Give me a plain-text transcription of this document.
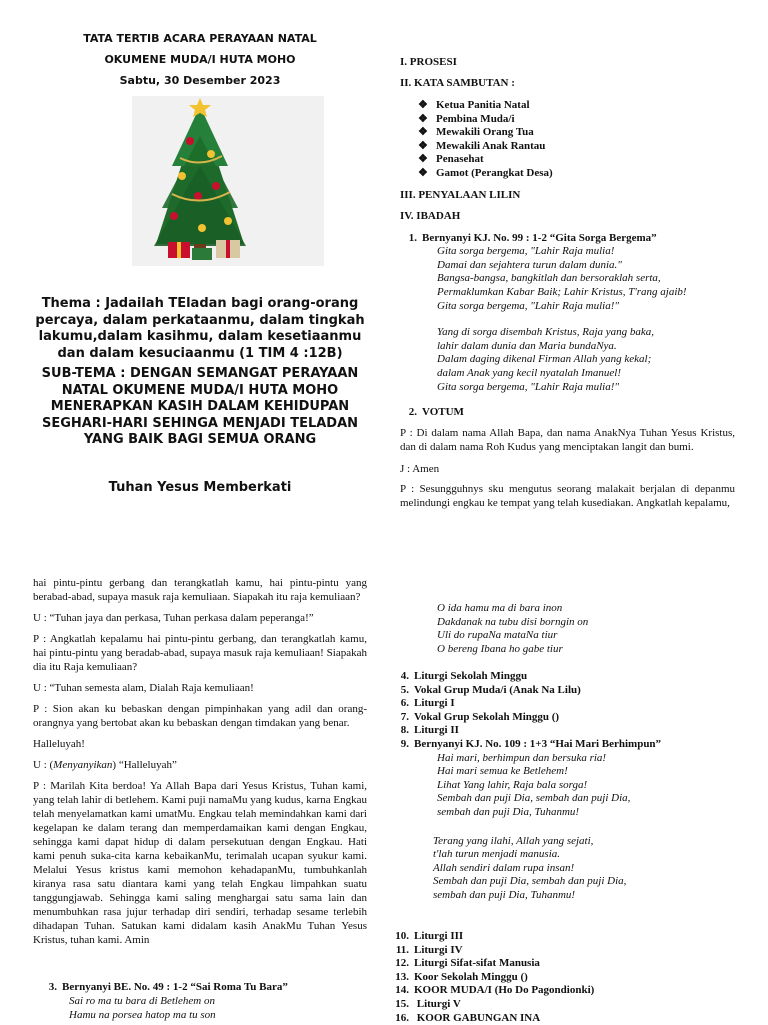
TATA TERTIB ACARA PERAYAAN NATAL
OKUMENE MUDA/I HUTA MOHO
Sabtu, 30 Desember 2023
Thema : Jadailah TEladan bagi orang-orang
percaya, dalam perkataanmu, dalam tingkah
lakumu,dalam kasihmu, dalam kesetiaanmu
dan dalam kesuciaanmu (1 TIM 4 :12B)
SUB-TEMA : DENGAN SEMANGAT PERAYAAN
NATAL OKUMENE MUDA/I HUTA MOHO
MENERAPKAN KASIH DALAM KEHIDUPAN
SEGHARI-HARI SEHINGA MENJADI TELADAN
YANG BAIK BAGI SEMUA ORANG
Tuhan Yesus Memberkati
I. PROSESI
II. KATA SAMBUTAN :
❖ Ketua Panitia Natal
❖ Pembina Muda/i
❖ Mewakili Orang Tua
❖ Mewakili Anak Rantau
❖ Penasehat
❖ Gamot (Perangkat Desa)
III. PENYALAAN LILIN
IV. IBADAH
1. Bernyanyi KJ. No. 99 : 1-2 “Gita Sorga Bergema”
Gita sorga bergema, "Lahir Raja mulia!
Damai dan sejahtera turun dalam dunia."
Bangsa-bangsa, bangkitlah dan bersoraklah serta,
Permaklumkan Kabar Baik; Lahir Kristus, T'rang ajaib!
Gita sorga bergema, "Lahir Raja mulia!"
Yang di sorga disembah Kristus, Raja yang baka,
lahir dalam dunia dan Maria bundaNya.
Dalam daging dikenal Firman Allah yang kekal;
dalam Anak yang kecil nyatalah Imanuel!
Gita sorga bergema, "Lahir Raja mulia!"
2. VOTUM

P : Di dalam nama Allah Bapa, dan nama AnakNya Tuhan Yesus Kristus, dan di dalam nama Roh Kudus yang menciptakan langit dan bumi.

J : Amen

P : Sesungguhnys sku mengutus seorang malakait berjalan di depanmu melindungi engkau ke tempat yang telah kusediakan. Angkatlah kepalamu,

hai pintu-pintu gerbang dan terangkatlah kamu, hai pintu-pintu yang berabad-abad, supaya masuk raja kemuliaan. Siapakah itu raja kemuliaan?

U : “Tuhan jaya dan perkasa, Tuhan perkasa dalam peperanga!”

P : Angkatlah kepalamu hai pintu-pintu gerbang, dan terangkatlah kamu, hai pintu-pintu yang beradab-abad, supaya masuk raja kemuliaan! Siapakah dia itu Raja kemuliaan?

U : “Tuhan semesta alam, Dialah Raja kemuliaan!

P : Sion akan ku bebaskan dengan pimpinhakan yang adil dan orang-orangnya yang bertobat akan ku bebaskan dengan timdakan yang benar.

Halleluyah!

U : (Menyanyikan) “Halleluyah”

P : Marilah Kita berdoa! Ya Allah Bapa dari Yesus Kristus, Tuhan kami, yang telah lahir di betlehem. Kami puji namaMu yang kudus, karna Engkau telah menyelamatkan kami umatMu. Engkau telah memindahkan kami dari kegelapan ke dalam terang dan memperdamaikan kami dengan Engkau, sehingga kami dapat hidup di dalam persekutuan dengan Engkau. Hati kami penuh suka-cita karna kebaikanMu, terimalah ucapan syukur kami. Melalui Yesus kristus kami memohon kehadapanMu, tumbuhkanlah kiranya rasa satu diantara kami yang telah Engkau limpahkan suatu tanggungjawab. Sehingga kami saling menghargai satu sama lain dan menumbuhkan rasa jujur terhadap diri sendiri, terhadap sesame terlebih dihadapan Tuhan. Satukan kami didalam kasih AnakMu Tuhan Yesus Kristus, tuhan kami. Amin

3. Bernyanyi BE. No. 49 : 1-2 “Sai Roma Tu Bara”
Sai ro ma tu bara di Betlehem on
Hamu na porsea hatop ma tu son
O ida hamu ma di bara inon
Dakdanak na tubu disi borngin on
Uli do rupaNa mataNa tiur
O bereng Ibana ho gabe tiur
4. Liturgi Sekolah Minggu
5. Vokal Grup Muda/i (Anak Na Lilu)
6. Liturgi I
7. Vokal Grup Sekolah Minggu ()
8. Liturgi II
9. Bernyanyi KJ. No. 109 : 1+3 “Hai Mari Berhimpun”
Hai mari, berhimpun dan bersuka ria!
Hai mari semua ke Betlehem!
Lihat Yang lahir, Raja bala sorga!
Sembah dan puji Dia, sembah dan puji Dia,
sembah dan puji Dia, Tuhanmu!
Terang yang ilahi, Allah yang sejati,
t'lah turun menjadi manusia.
Allah sendiri dalam rupa insan!
Sembah dan puji Dia, sembah dan puji Dia,
sembah dan puji Dia, Tuhanmu!
10. Liturgi III
11. Liturgi IV
12. Liturgi Sifat-sifat Manusia
13. Koor Sekolah Minggu ()
14. KOOR MUDA/I (Ho Do Pagondionki)
15. Liturgi V
16. KOOR GABUNGAN INA
